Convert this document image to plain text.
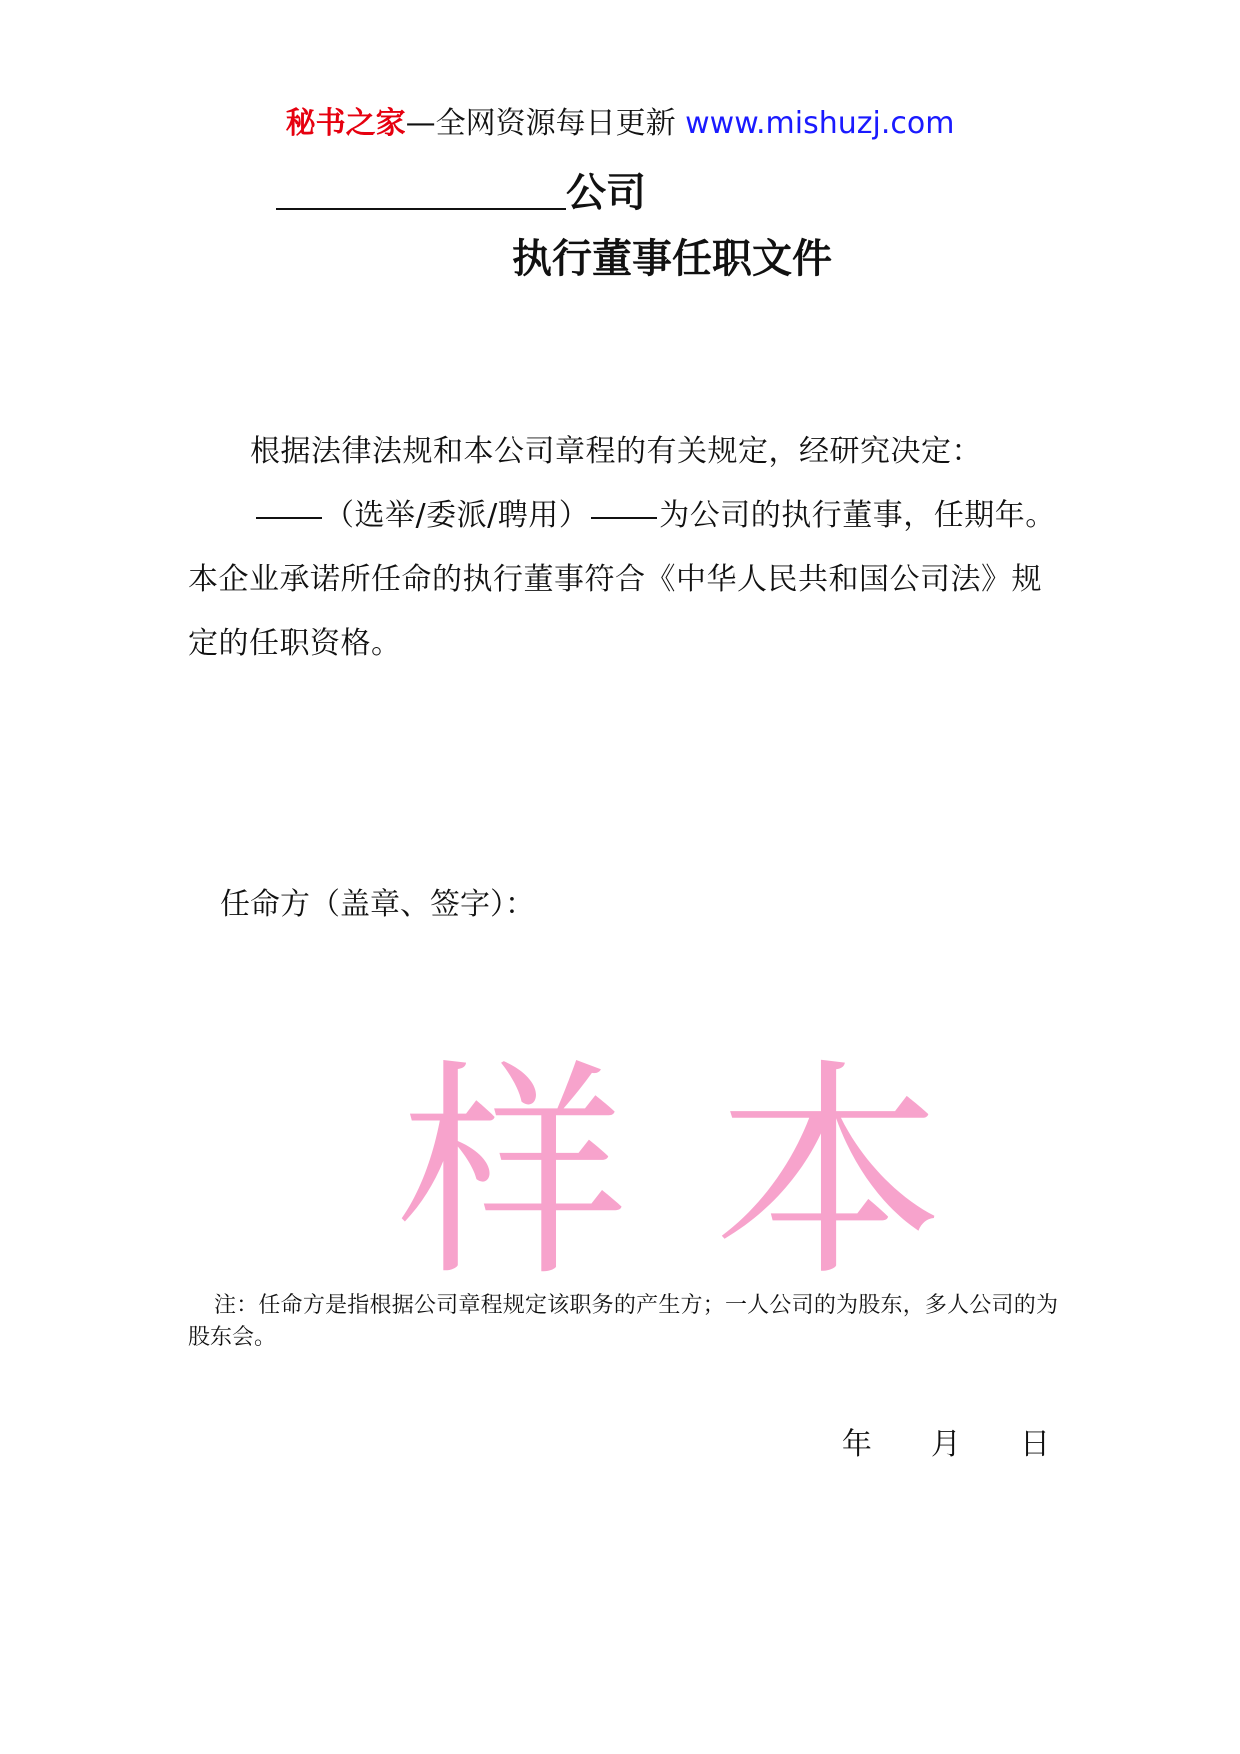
秘书之家—全网资源每日更新 www.mishuzj.com
公司
执行董事任职文件
根据法律法规和本公司章程的有关规定，经研究决定：
（选举/委派/聘用） 为公司的执行董事，任期年。本企业承诺所任命的执行董事符合《中华人民共和国公司法》规定的任职资格。
任命方（盖章、签字）：
样 本
注：任命方是指根据公司章程规定该职务的产生方；一人公司的为股东，多人公司的为股东会。
年  月  日
